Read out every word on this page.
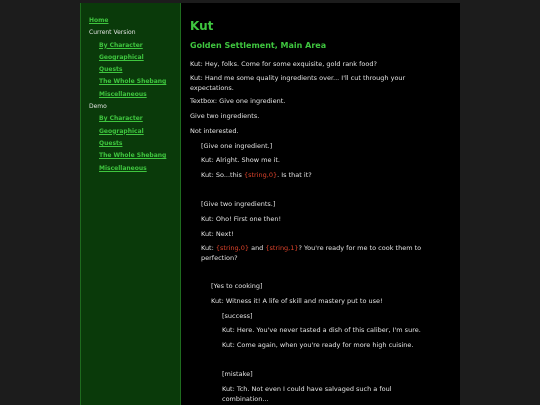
Home
Current Version
By Character
Geographical
Quests
The Whole Shebang
Miscellaneous
Demo
By Character
Geographical
Quests
The Whole Shebang
Miscellaneous
Kut
Golden Settlement, Main Area

Kut: Hey, folks. Come for some exquisite, gold rank food?

Kut: Hand me some quality ingredients over... I'll cut through your expectations.

Textbox: Give one ingredient.

Give two ingredients.

Not interested.

[Give one ingredient.]

Kut: Alright. Show me it.

Kut: So...this {string,0}. Is that it?

[Give two ingredients.]

Kut: Oho! First one then!

Kut: Next!

Kut: {string,0} and {string,1}? You're ready for me to cook them to perfection?

[Yes to cooking]

Kut: Witness it! A life of skill and mastery put to use!

[success]

Kut: Here. You've never tasted a dish of this caliber, I'm sure.

Kut: Come again, when you're ready for more high cuisine.

[mistake]

Kut: Tch. Not even I could have salvaged such a foul combination...
